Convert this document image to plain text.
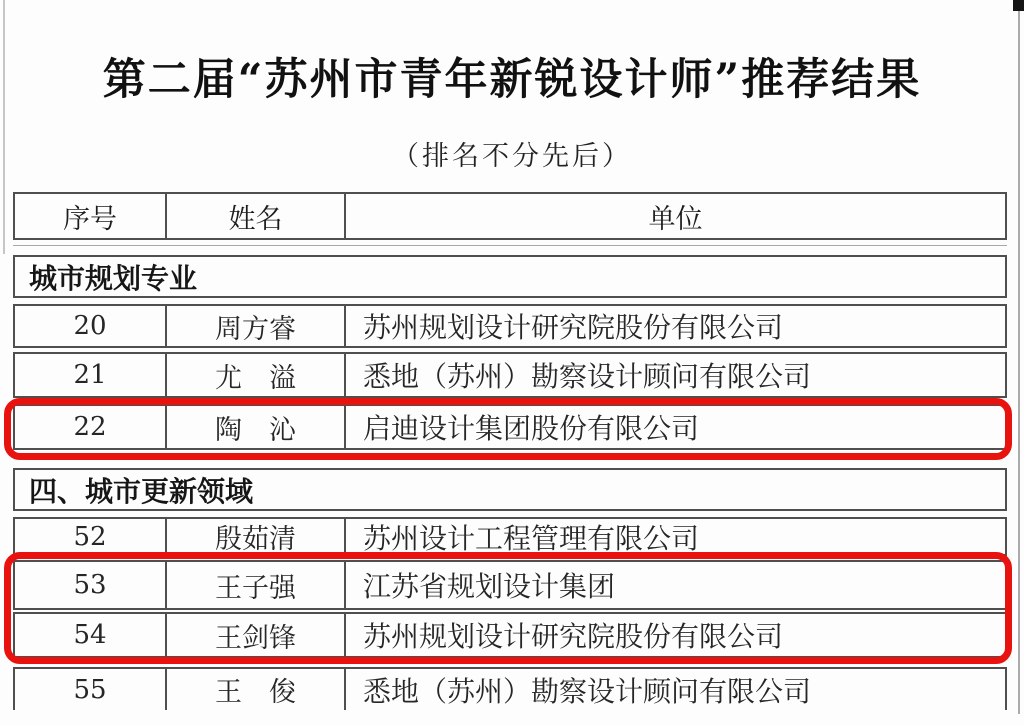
第二届“苏州市青年新锐设计师”推荐结果
（排名不分先后）
序号	姓名	单位
城市规划专业
20	周方睿	苏州规划设计研究院股份有限公司
21	尤　溢	悉地（苏州）勘察设计顾问有限公司
22	陶　沁	启迪设计集团股份有限公司
四、城市更新领域
52	殷茹清	苏州设计工程管理有限公司
53	王子强	江苏省规划设计集团
54	王剑锋	苏州规划设计研究院股份有限公司
55	王　俊	悉地（苏州）勘察设计顾问有限公司
